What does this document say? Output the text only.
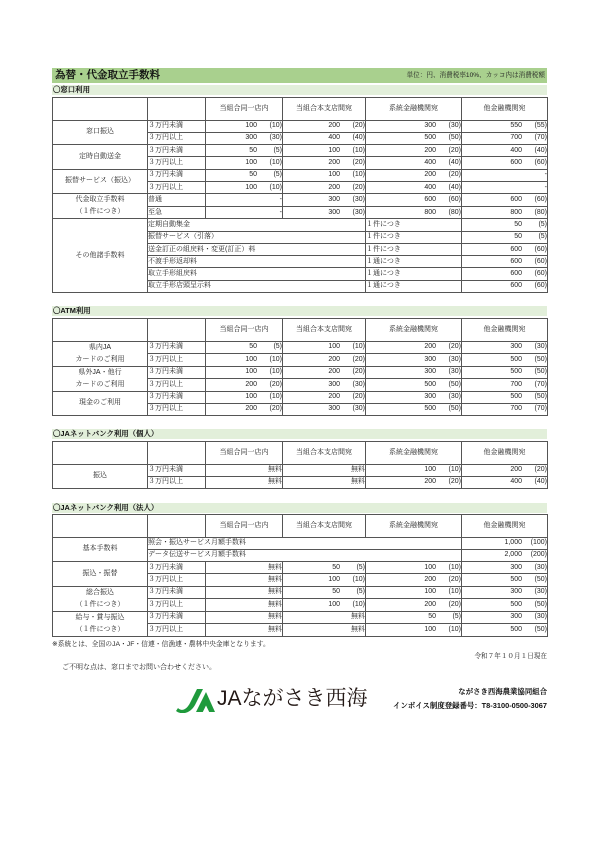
為替・代金取立手数料	単位：円、消費税率10%、カッコ内は消費税額
〇窓口利用
		当組合同一店内	当組合本支店間宛	系統金融機関宛	他金融機関宛

窓口振込	３万円未満	100 (10)	200 (20)	300 (30)	550 (55)
	３万円以上	300 (30)	400 (40)	500 (50)	700 (70)

定時自動送金	３万円未満	50 (5)	100 (10)	200 (20)	400 (40)
	３万円以上	100 (10)	200 (20)	400 (40)	600 (60)

振替サービス（振込）	３万円未満	50 (5)	100 (10)	200 (20)	-
	３万円以上	100 (10)	200 (20)	400 (40)	-

代金取立手数料
（１件につき）	普通	-	300 (30)	600 (60)	600 (60)
	至急	-	300 (30)	800 (80)	800 (80)

その他諸手数料	定期自動集金			１件につき	50 (5)
	振替サービス（引落）			１件につき	50 (5)
	送金訂正の組戻料・変更(訂正）料			１件につき	600 (60)
	不渡手形返却料			１通につき	600 (60)
	取立手形組戻料			１通につき	600 (60)
	取立手形店頭呈示料			１通につき	600 (60)
〇ATM利用
		当組合同一店内	当組合本支店間宛	系統金融機関宛	他金融機関宛

県内JA
カードのご利用	３万円未満	50 (5)	100 (10)	200 (20)	300 (30)
	３万円以上	100 (10)	200 (20)	300 (30)	500 (50)

県外JA・他行
カードのご利用	３万円未満	100 (10)	200 (20)	300 (30)	500 (50)
	３万円以上	200 (20)	300 (30)	500 (50)	700 (70)

現金のご利用	３万円未満	100 (10)	200 (20)	300 (30)	500 (50)
	３万円以上	200 (20)	300 (30)	500 (50)	700 (70)
〇JAネットバンク利用（個人）
		当組合同一店内	当組合本支店間宛	系統金融機関宛	他金融機関宛

振込	３万円未満	無料	無料	100 (10)	200 (20)
	３万円以上	無料	無料	200 (20)	400 (40)
〇JAネットバンク利用（法人）
		当組合同一店内	当組合本支店間宛	系統金融機関宛	他金融機関宛

基本手数料	照会・振込サービス月額手数料				1,000 (100)
	データ伝送サービス月額手数料				2,000 (200)

振込・振替	３万円未満	無料	50 (5)	100 (10)	300 (30)
	３万円以上	無料	100 (10)	200 (20)	500 (50)

総合振込
（１件につき）	３万円未満	無料	50 (5)	100 (10)	300 (30)
	３万円以上	無料	100 (10)	200 (20)	500 (50)

給与・賞与振込
（１件につき）	３万円未満	無料	無料	50 (5)	300 (30)
	３万円以上	無料	無料	100 (10)	500 (50)
※系統とは、全国のJA・JF・信連・信漁連・農林中央金庫となります。
令和７年１０月１日現在
ご不明な点は、窓口までお問い合わせください。
JAながさき西海	ながさき西海農業協同組合
インボイス制度登録番号：T8-3100-0500-3067
